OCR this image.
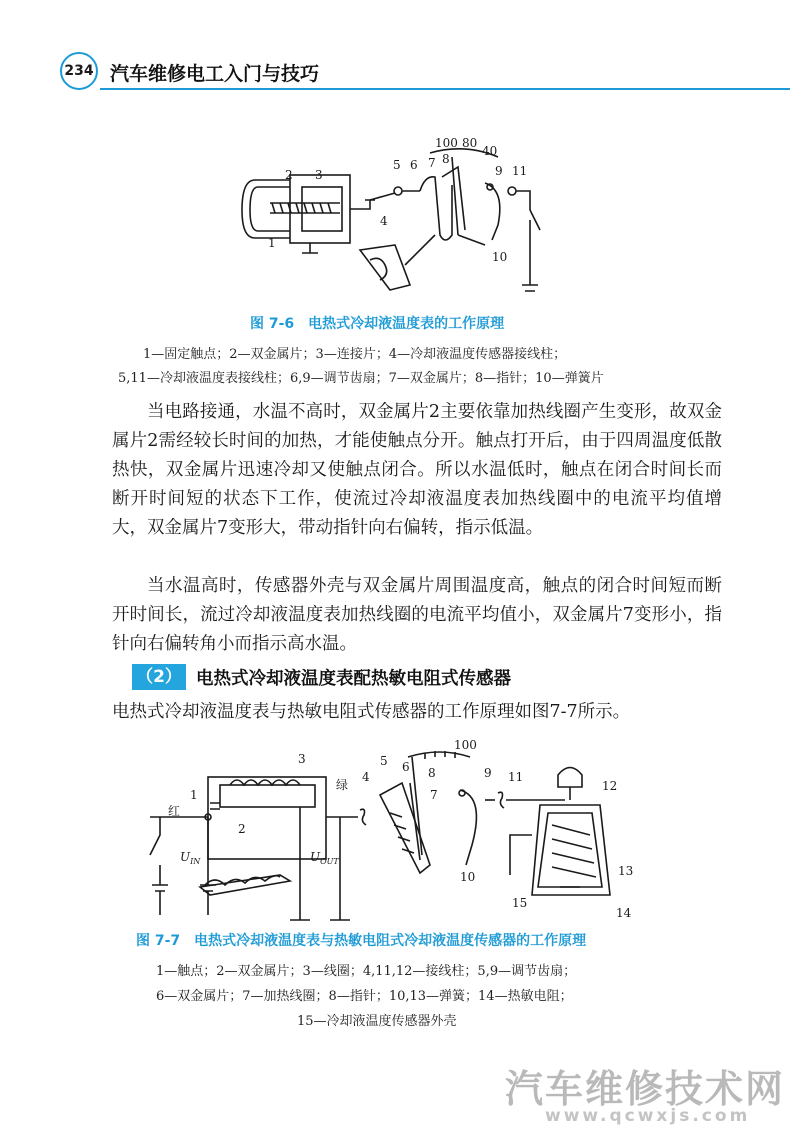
234 汽车维修电工入门与技巧
2 3
1
4
5 6 7 8
9 11
10
100 80
40
图 7-6　电热式冷却液温度表的工作原理
1—固定触点；2—双金属片；3—连接片；4—冷却液温度传感器接线柱；
5,11—冷却液温度表接线柱；6,9—调节齿扇；7—双金属片；8—指针；10—弹簧片

当电路接通，水温不高时，双金属片2主要依靠加热线圈产生变形，故双金属片2需经较长时间的加热，才能使触点分开。触点打开后，由于四周温度低散热快，双金属片迅速冷却又使触点闭合。所以水温低时，触点在闭合时间长而断开时间短的状态下工作，使流过冷却液温度表加热线圈中的电流平均值增大，双金属片7变形大，带动指针向右偏转，指示低温。

当水温高时，传感器外壳与双金属片周围温度高，触点的闭合时间短而断开时间长，流过冷却液温度表加热线圈的电流平均值小，双金属片7变形小，指针向右偏转角小而指示高水温。

（2） 电热式冷却液温度表配热敏电阻式传感器

电热式冷却液温度表与热敏电阻式传感器的工作原理如图7-7所示。

1
2
3
4
5 6
7
8	9
10
11
12
13
14
15
100
红
绿
$U_{IN}$	$U_{OUT}$
图 7-7　电热式冷却液温度表与热敏电阻式冷却液温度传感器的工作原理
1—触点；2—双金属片；3—线圈；4,11,12—接线柱；5,9—调节齿扇；
6—双金属片；7—加热线圈；8—指针；10,13—弹簧；14—热敏电阻；
15—冷却液温度传感器外壳
汽车维修技术网
www.qcwxjs.com
